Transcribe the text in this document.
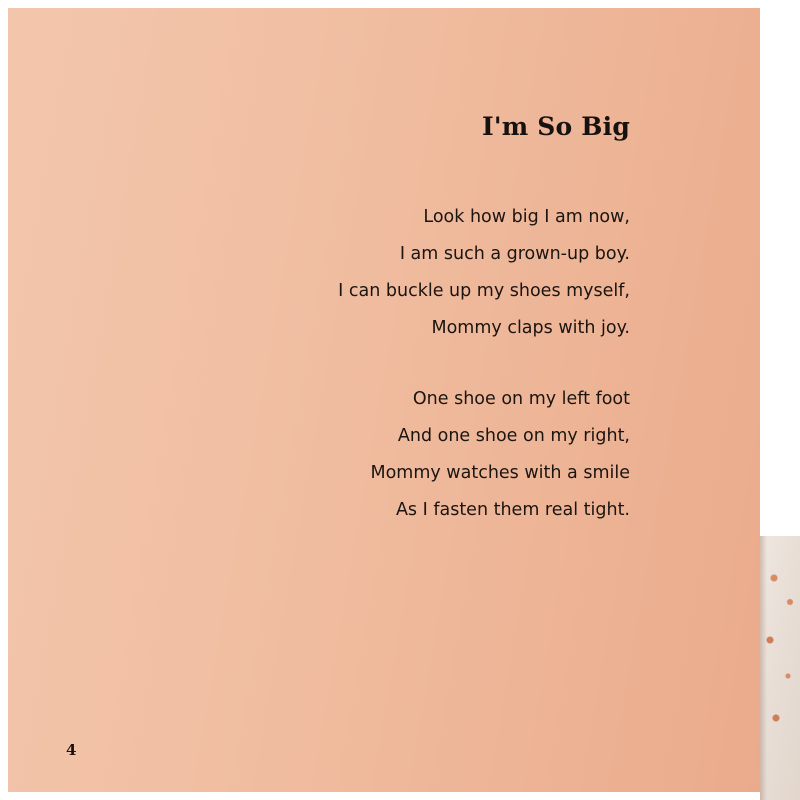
I'm So Big
Look how big I am now,
I am such a grown-up boy.
I can buckle up my shoes myself,
Mommy claps with joy.
One shoe on my left foot
And one shoe on my right,
Mommy watches with a smile
As I fasten them real tight.
4
